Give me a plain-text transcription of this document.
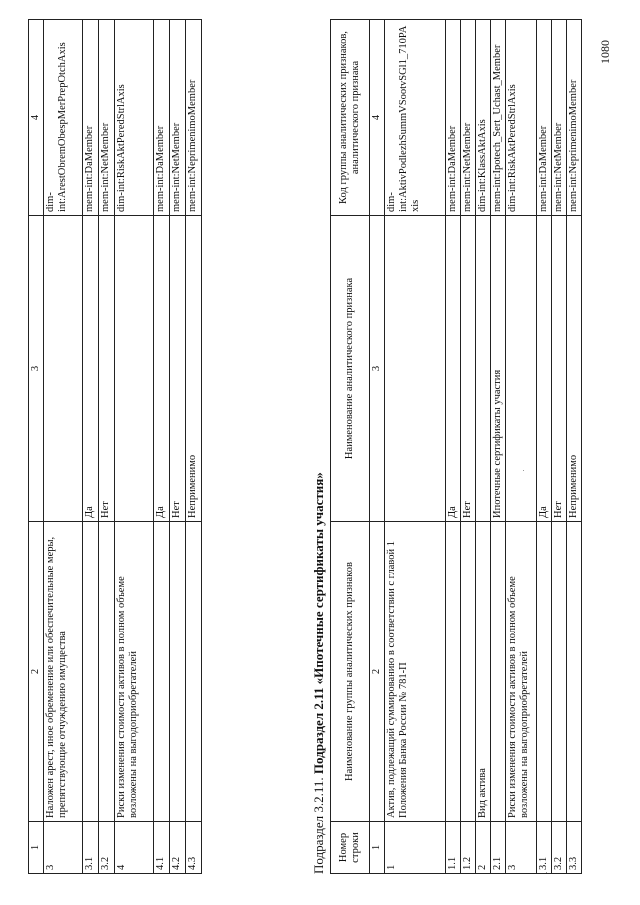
1	2	3	4
3	Наложен арест, иное обременение или обеспечительные меры, препятствующие отчуждению имущества		dim-int:ArestObremObespMerPrepOtchAxis
3.1		Да	mem-int:DaMember
3.2		Нет	mem-int:NetMember
4	Риски изменения стоимости активов в полном объеме возложены на выгодоприобретателей		dim-int:RiskAktPeredStrlAxis
4.1		Да	mem-int:DaMember
4.2		Нет	mem-int:NetMember
4.3		Неприменимо	mem-int:NeprimenimoMember
Подраздел 3.2.11. Подраздел 2.11 «Ипотечные сертификаты участия»
Номер строки	Наименование группы аналитических признаков	Наименование аналитического признака	Код группы аналитических признаков, аналитического признака
1	2	3	4
1	Актив, подлежащий суммированию в соответствии с главой 1 Положения Банка России № 781-П		dim-int:AktivPodlezhSummVSootvSGl1_710PAxis
1.1		Да	mem-int:DaMember
1.2		Нет	mem-int:NetMember
2	Вид актива		dim-int:KlassAktAxis
2.1		Ипотечные сертификаты участия	mem-int:Ipotech_Sert_Uchast_Member
3	Риски изменения стоимости активов в полном объеме возложены на выгодоприобретателей		dim-int:RiskAktPeredStrlAxis
3.1		Да	mem-int:DaMember
3.2		Нет	mem-int:NetMember
3.3		Неприменимо	mem-int:NeprimenimoMember
1080
